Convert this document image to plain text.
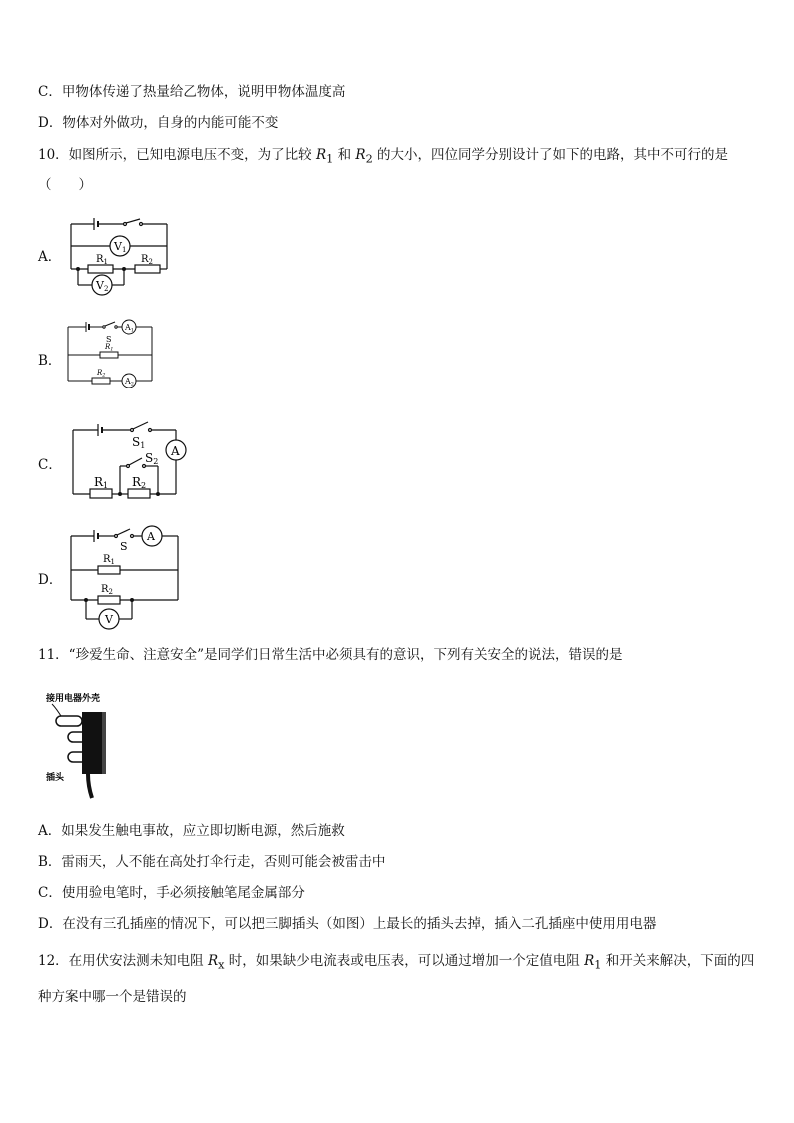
C．甲物体传递了热量给乙物体，说明甲物体温度高
D．物体对外做功，自身的内能可能不变
10．如图所示，已知电源电压不变，为了比较 $R_1$ 和 $R_2$ 的大小，四位同学分别设计了如下的电路，其中不可行的是
（　　）
A．
V1
$R_1$	$R_2$
V2
B．
S
A1
$R_1$
$R_2$
A2
C．
S1
S2
A
R1 R2
D．
S
A
$R_1$
$R_2$
V
11．“珍爱生命、注意安全”是同学们日常生活中必须具有的意识，下列有关安全的说法，错误的是
接用电器外壳
插头
A．如果发生触电事故，应立即切断电源，然后施救
B．雷雨天，人不能在高处打伞行走，否则可能会被雷击中
C．使用验电笔时，手必须接触笔尾金属部分
D．在没有三孔插座的情况下，可以把三脚插头（如图）上最长的插头去掉，插入二孔插座中使用用电器
12．在用伏安法测未知电阻 $R_x$ 时，如果缺少电流表或电压表，可以通过增加一个定值电阻 $R_1$ 和开关来解决，下面的四
种方案中哪一个是错误的
